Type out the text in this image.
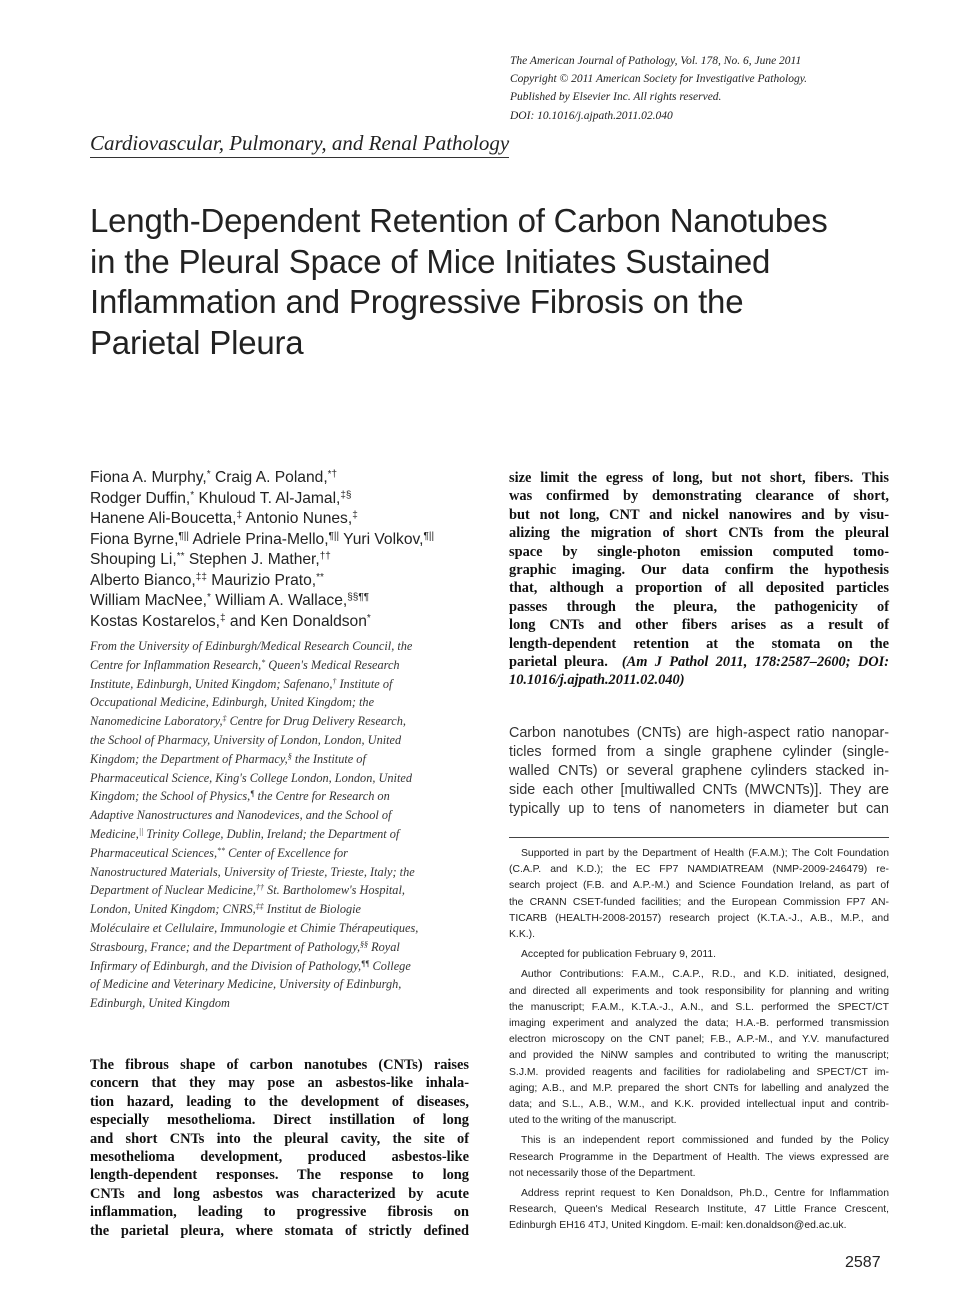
The American Journal of Pathology, Vol. 178, No. 6, June 2011
Copyright © 2011 American Society for Investigative Pathology.
Published by Elsevier Inc. All rights reserved.
DOI: 10.1016/j.ajpath.2011.02.040
Cardiovascular, Pulmonary, and Renal Pathology
Length-Dependent Retention of Carbon Nanotubes
in the Pleural Space of Mice Initiates Sustained
Inflammation and Progressive Fibrosis on the
Parietal Pleura
Fiona A. Murphy,* Craig A. Poland,*†
Rodger Duffin,* Khuloud T. Al-Jamal,‡§
Hanene Ali-Boucetta,‡ Antonio Nunes,‡
Fiona Byrne,¶|| Adriele Prina-Mello,¶|| Yuri Volkov,¶||
Shouping Li,** Stephen J. Mather,††
Alberto Bianco,‡‡ Maurizio Prato,**
William MacNee,* William A. Wallace,§§¶¶
Kostas Kostarelos,‡ and Ken Donaldson*
From the University of Edinburgh/Medical Research Council, the
Centre for Inflammation Research,* Queen's Medical Research
Institute, Edinburgh, United Kingdom; Safenano,† Institute of
Occupational Medicine, Edinburgh, United Kingdom; the
Nanomedicine Laboratory,‡ Centre for Drug Delivery Research,
the School of Pharmacy, University of London, London, United
Kingdom; the Department of Pharmacy,§ the Institute of
Pharmaceutical Science, King's College London, London, United
Kingdom; the School of Physics,¶ the Centre for Research on
Adaptive Nanostructures and Nanodevices, and the School of
Medicine,|| Trinity College, Dublin, Ireland; the Department of
Pharmaceutical Sciences,** Center of Excellence for
Nanostructured Materials, University of Trieste, Trieste, Italy; the
Department of Nuclear Medicine,†† St. Bartholomew's Hospital,
London, United Kingdom; CNRS,‡‡ Institut de Biologie
Moléculaire et Cellulaire, Immunologie et Chimie Thérapeutiques,
Strasbourg, France; and the Department of Pathology,§§ Royal
Infirmary of Edinburgh, and the Division of Pathology,¶¶ College
of Medicine and Veterinary Medicine, University of Edinburgh,
Edinburgh, United Kingdom
The fibrous shape of carbon nanotubes (CNTs) raises
concern that they may pose an asbestos-like inhala-
tion hazard, leading to the development of diseases,
especially mesothelioma. Direct instillation of long
and short CNTs into the pleural cavity, the site of
mesothelioma development, produced asbestos-like
length-dependent responses. The response to long
CNTs and long asbestos was characterized by acute
inflammation, leading to progressive fibrosis on
the parietal pleura, where stomata of strictly defined
size limit the egress of long, but not short, fibers. This
was confirmed by demonstrating clearance of short,
but not long, CNT and nickel nanowires and by visu-
alizing the migration of short CNTs from the pleural
space by single-photon emission computed tomo-
graphic imaging. Our data confirm the hypothesis
that, although a proportion of all deposited particles
passes through the pleura, the pathogenicity of
long CNTs and other fibers arises as a result of
length-dependent retention at the stomata on the
parietal pleura. (Am J Pathol 2011, 178:2587–2600; DOI:
10.1016/j.ajpath.2011.02.040)
Carbon nanotubes (CNTs) are high-aspect ratio nanopar-
ticles formed from a single graphene cylinder (single-
walled CNTs) or several graphene cylinders stacked in-
side each other [multiwalled CNTs (MWCNTs)]. They are
typically up to tens of nanometers in diameter but can
Supported in part by the Department of Health (F.A.M.); The Colt Foundation
(C.A.P. and K.D.); the EC FP7 NAMDIATREAM (NMP-2009-246479) re-
search project (F.B. and A.P.-M.) and Science Foundation Ireland, as part of
the CRANN CSET-funded facilities; and the European Commission FP7 AN-
TICARB (HEALTH-2008-20157) research project (K.T.A.-J., A.B., M.P., and
K.K.).
Accepted for publication February 9, 2011.
Author Contributions: F.A.M., C.A.P., R.D., and K.D. initiated, designed,
and directed all experiments and took responsibility for planning and writing
the manuscript; F.A.M., K.T.A.-J., A.N., and S.L. performed the SPECT/CT
imaging experiment and analyzed the data; H.A.-B. performed transmission
electron microscopy on the CNT panel; F.B., A.P.-M., and Y.V. manufactured
and provided the NiNW samples and contributed to writing the manuscript;
S.J.M. provided reagents and facilities for radiolabeling and SPECT/CT im-
aging; A.B., and M.P. prepared the short CNTs for labelling and analyzed the
data; and S.L., A.B., W.M., and K.K. provided intellectual input and contrib-
uted to the writing of the manuscript.
This is an independent report commissioned and funded by the Policy
Research Programme in the Department of Health. The views expressed are
not necessarily those of the Department.
Address reprint request to Ken Donaldson, Ph.D., Centre for Inflammation
Research, Queen's Medical Research Institute, 47 Little France Crescent,
Edinburgh EH16 4TJ, United Kingdom. E-mail: ken.donaldson@ed.ac.uk.
2587
